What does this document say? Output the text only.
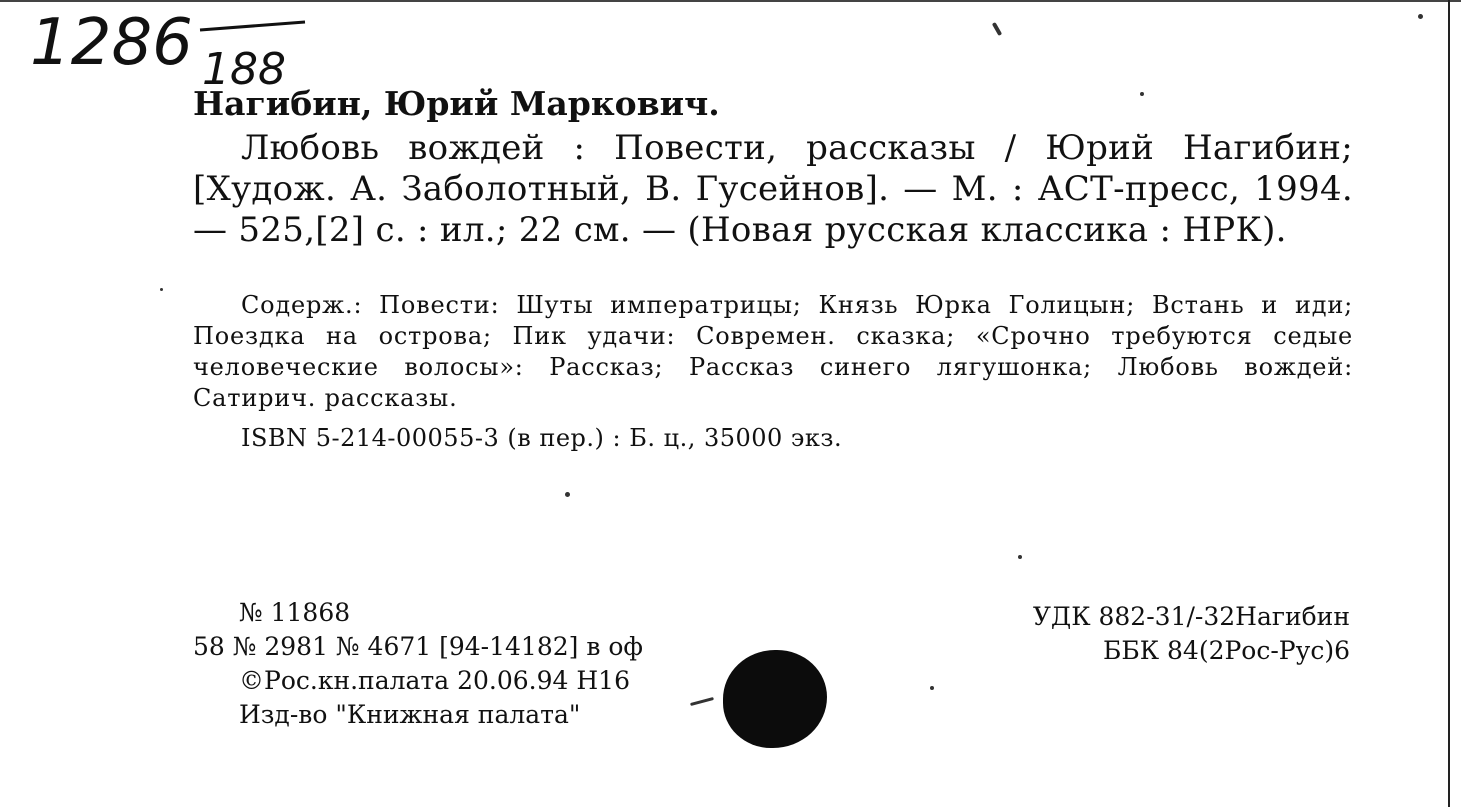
1286 188
Нагибин, Юрий Маркович.
Любовь вождей : Повести, рассказы / Юрий Нагибин; [Худож. А. Заболотный, В. Гусейнов]. — М. : АСТ-пресс, 1994. — 525,[2] с. : ил.; 22 см. — (Новая русская классика : НРК).
Содерж.: Повести: Шуты императрицы; Князь Юрка Голицын; Встань и иди; Поездка на острова; Пик удачи: Современ. сказка; «Срочно требуются седые человеческие волосы»: Рассказ; Рассказ синего лягушонка; Любовь вождей: Сатирич. рассказы.
ISBN 5-214-00055-3 (в пер.) : Б. ц., 35000 экз.
№ 11868
58 № 2981 № 4671 [94-14182] в оф
©Рос.кн.палата 20.06.94 Н16
Изд-во "Книжная палата"
УДК 882-31/-32Нагибин
ББК 84(2Рос-Рус)6
